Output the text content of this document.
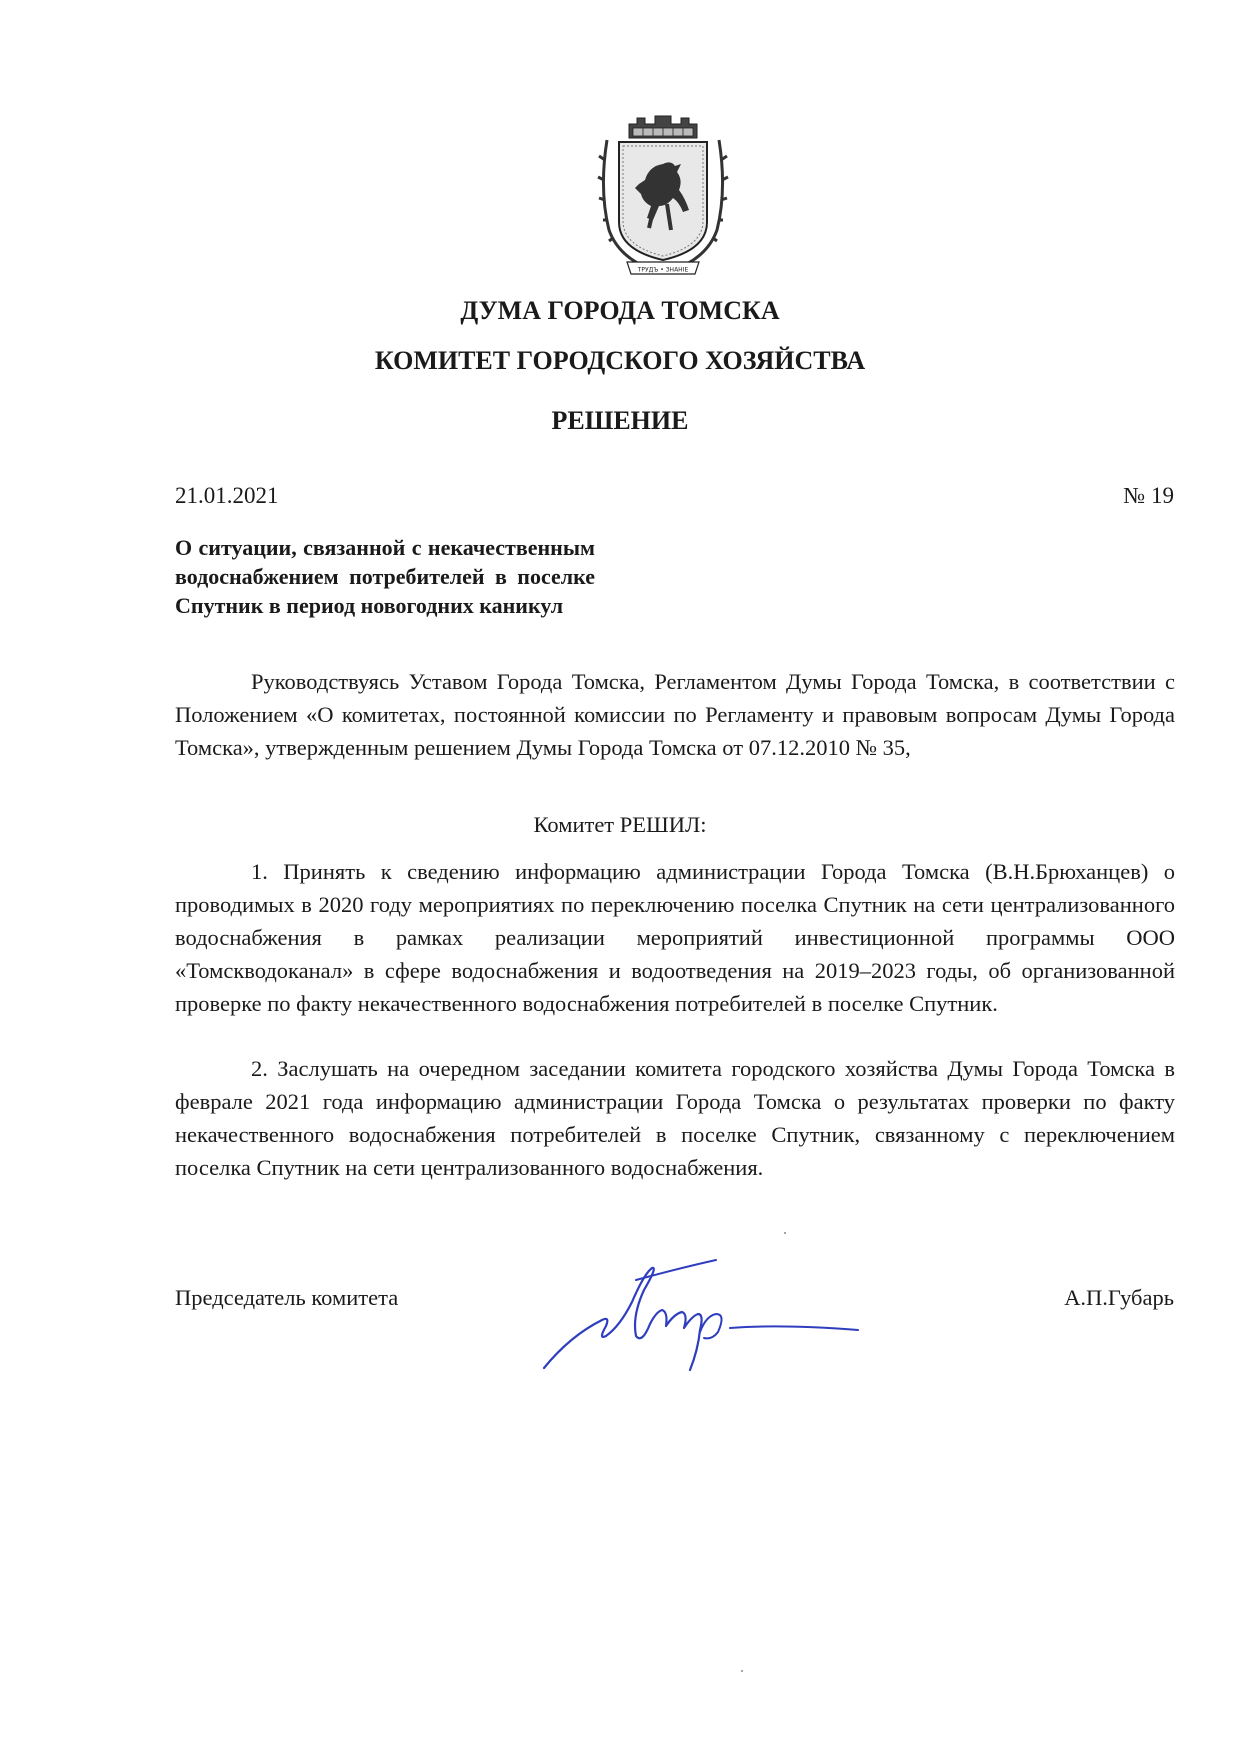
ТРУДЪ • ЗНАНІЕ
ДУМА ГОРОДА ТОМСКА
КОМИТЕТ ГОРОДСКОГО ХОЗЯЙСТВА
РЕШЕНИЕ
21.01.2021	№ 19

О ситуации, связанной с некачественным водоснабжением потребителей в поселке Спутник в период новогодних каникул

Руководствуясь Уставом Города Томска, Регламентом Думы Города Томска, в соответствии с Положением «О комитетах, постоянной комиссии по Регламенту и правовым вопросам Думы Города Томска», утвержденным решением Думы Города Томска от 07.12.2010 № 35,

Комитет РЕШИЛ:

1. Принять к сведению информацию администрации Города Томска (В.Н.Брюханцев) о проводимых в 2020 году мероприятиях по переключению поселка Спутник на сети централизованного водоснабжения в рамках реализации мероприятий инвестиционной программы ООО «Томскводоканал» в сфере водоснабжения и водоотведения на 2019–2023 годы, об организованной проверке по факту некачественного водоснабжения потребителей в поселке Спутник.

2. Заслушать на очередном заседании комитета городского хозяйства Думы Города Томска в феврале 2021 года информацию администрации Города Томска о результатах проверки по факту некачественного водоснабжения потребителей в поселке Спутник, связанному с переключением поселка Спутник на сети централизованного водоснабжения.

Председатель комитета	А.П.Губарь
